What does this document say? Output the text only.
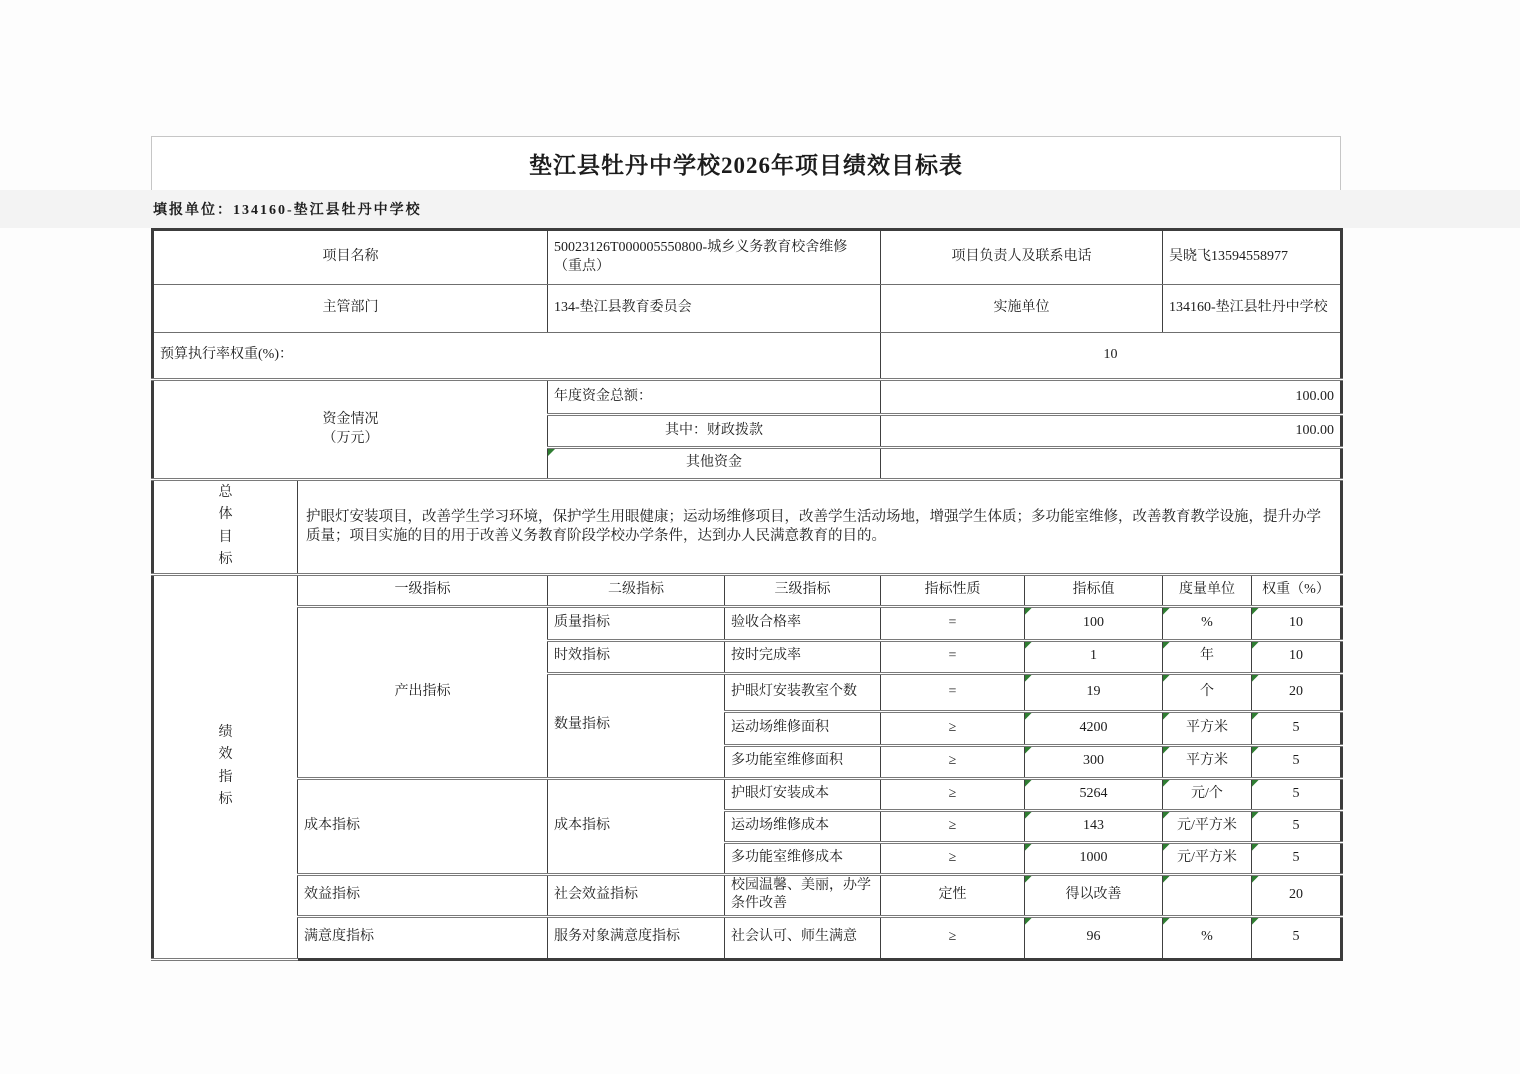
垫江县牡丹中学校2026年项目绩效目标表
填报单位：134160-垫江县牡丹中学校
项目名称		50023126T000005550800-城乡义务教育校舍维修（重点）		项目负责人及联系电话		吴晓飞13594558977	
主管部门		134-垫江县教育委员会		实施单位		134160-垫江县牡丹中学校	
预算执行率权重(%)：				10			

资金情况
（万元）		年度资金总额：		100.00			
		其中：财政拨款		100.00			
		其他资金					
总体目标	护眼灯安装项目，改善学生学习环境，保护学生用眼健康；运动场维修项目，改善学生活动场地，增强学生体质；多功能室维修，改善教育教学设施，提升办学质量；项目实施的目的用于改善义务教育阶段学校办学条件，达到办人民满意教育的目的。						
绩效指标	一级指标	二级指标	三级指标	指标性质	指标值	度量单位	权重（%）
	产出指标	质量指标	验收合格率	=	100	%	10
		时效指标	按时完成率	=	1	年	10
		数量指标	护眼灯安装教室个数	=	19	个	20
			运动场维修面积	≥	4200	平方米	5
			多功能室维修面积	≥	300	平方米	5
	成本指标	成本指标	护眼灯安装成本	≥	5264	元/个	5
			运动场维修成本	≥	143	元/平方米	5
			多功能室维修成本	≥	1000	元/平方米	5
	效益指标	社会效益指标	校园温馨、美丽，办学条件改善	定性	得以改善		20
	满意度指标	服务对象满意度指标	社会认可、师生满意	≥	96	%	5
